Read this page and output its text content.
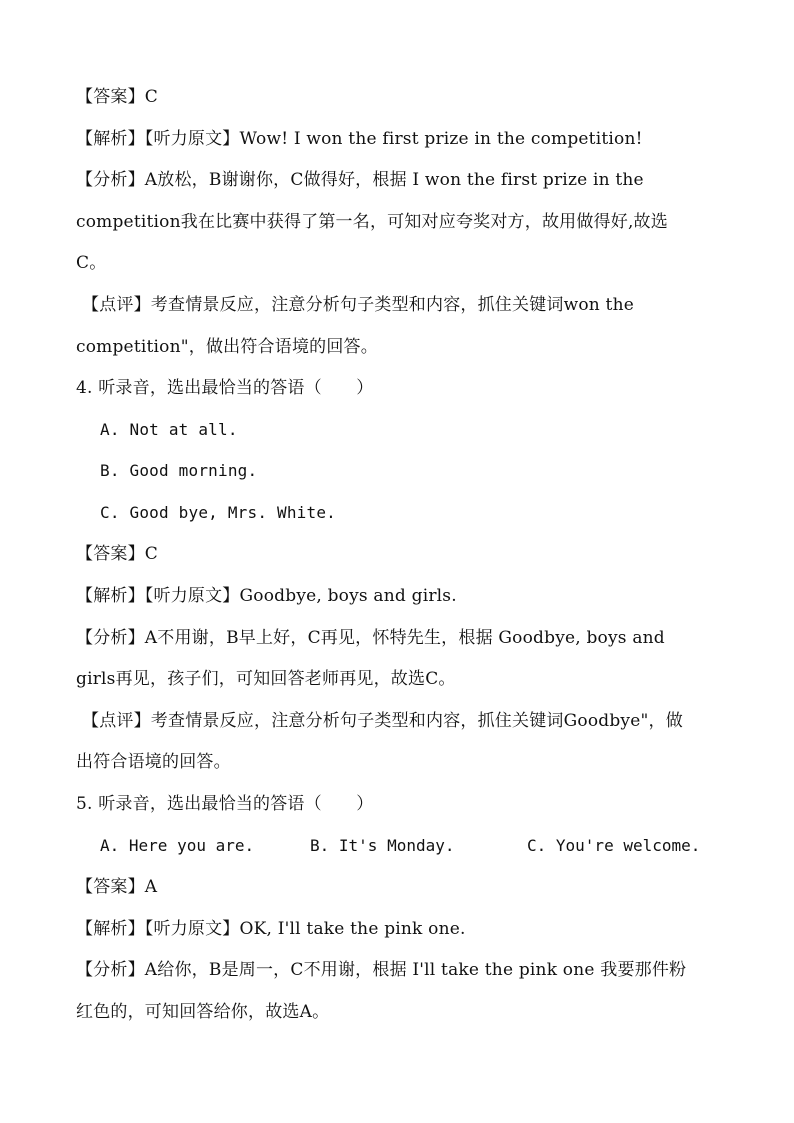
【答案】C
【解析】【听力原文】Wow! I won the first prize in the competition!
【分析】A放松，B谢谢你，C做得好，根据 I won the first prize in the
competition我在比赛中获得了第一名，可知对应夸奖对方，故用做得好,故选
C。
【点评】考查情景反应，注意分析句子类型和内容，抓住关键词won the
competition"，做出符合语境的回答。
4. 听录音，选出最恰当的答语（　　）
A. Not at all.
B. Good morning.
C. Good bye, Mrs. White.
【答案】C
【解析】【听力原文】Goodbye, boys and girls.
【分析】A不用谢，B早上好，C再见，怀特先生，根据 Goodbye, boys and
girls再见，孩子们，可知回答老师再见，故选C。
【点评】考查情景反应，注意分析句子类型和内容，抓住关键词Goodbye"，做
出符合语境的回答。
5. 听录音，选出最恰当的答语（　　）
A. Here you are.	B. It's Monday.	C. You're welcome.
【答案】A
【解析】【听力原文】OK, I'll take the pink one.
【分析】A给你，B是周一，C不用谢，根据 I'll take the pink one 我要那件粉
红色的，可知回答给你，故选A。
